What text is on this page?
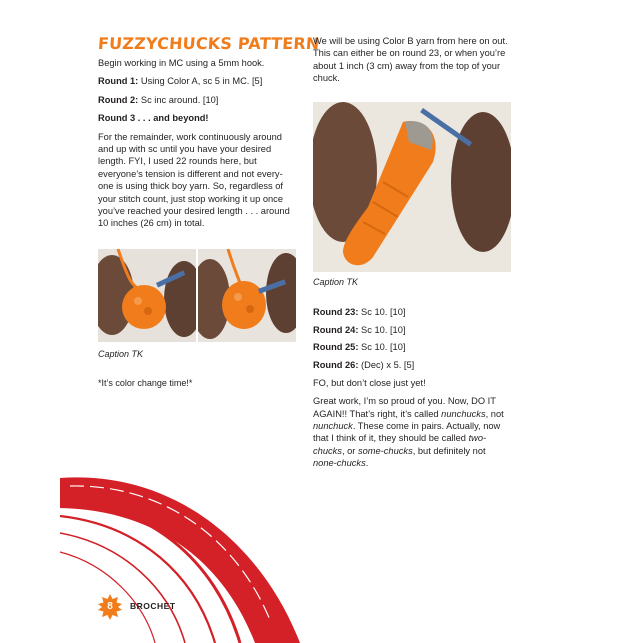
FUZZYCHUCKS PATTERN

Begin working in MC using a 5mm hook.

Round 1: Using Color A, sc 5 in MC. [5]

Round 2: Sc inc around. [10]

Round 3 . . . and beyond!

For the remainder, work continuously around and up with sc until you have your desired length. FYI, I used 22 rounds here, but everyone’s tension is different and not every-one is using thick boy yarn. So, regardless of your stitch count, just stop working it up once you’ve reached your desired length . . . around 10 inches (26 cm) in total.

Caption TK
*It’s color change time!*

We will be using Color B yarn from here on out. This can either be on round 23, or when you’re about 1 inch (3 cm) away from the top of your chuck.

Caption TK
Round 23: Sc 10. [10]
Round 24: Sc 10. [10]
Round 25: Sc 10. [10]
Round 26: (Dec) x 5. [5]

FO, but don’t close just yet!

Great work, I’m so proud of you. Now, DO IT AGAIN!! That’s right, it’s called nunchucks, not nunchuck. These come in pairs. Actually, now that I think of it, they should be called two-chucks, or some-chucks, but definitely not none-chucks.

8	BROCHET
